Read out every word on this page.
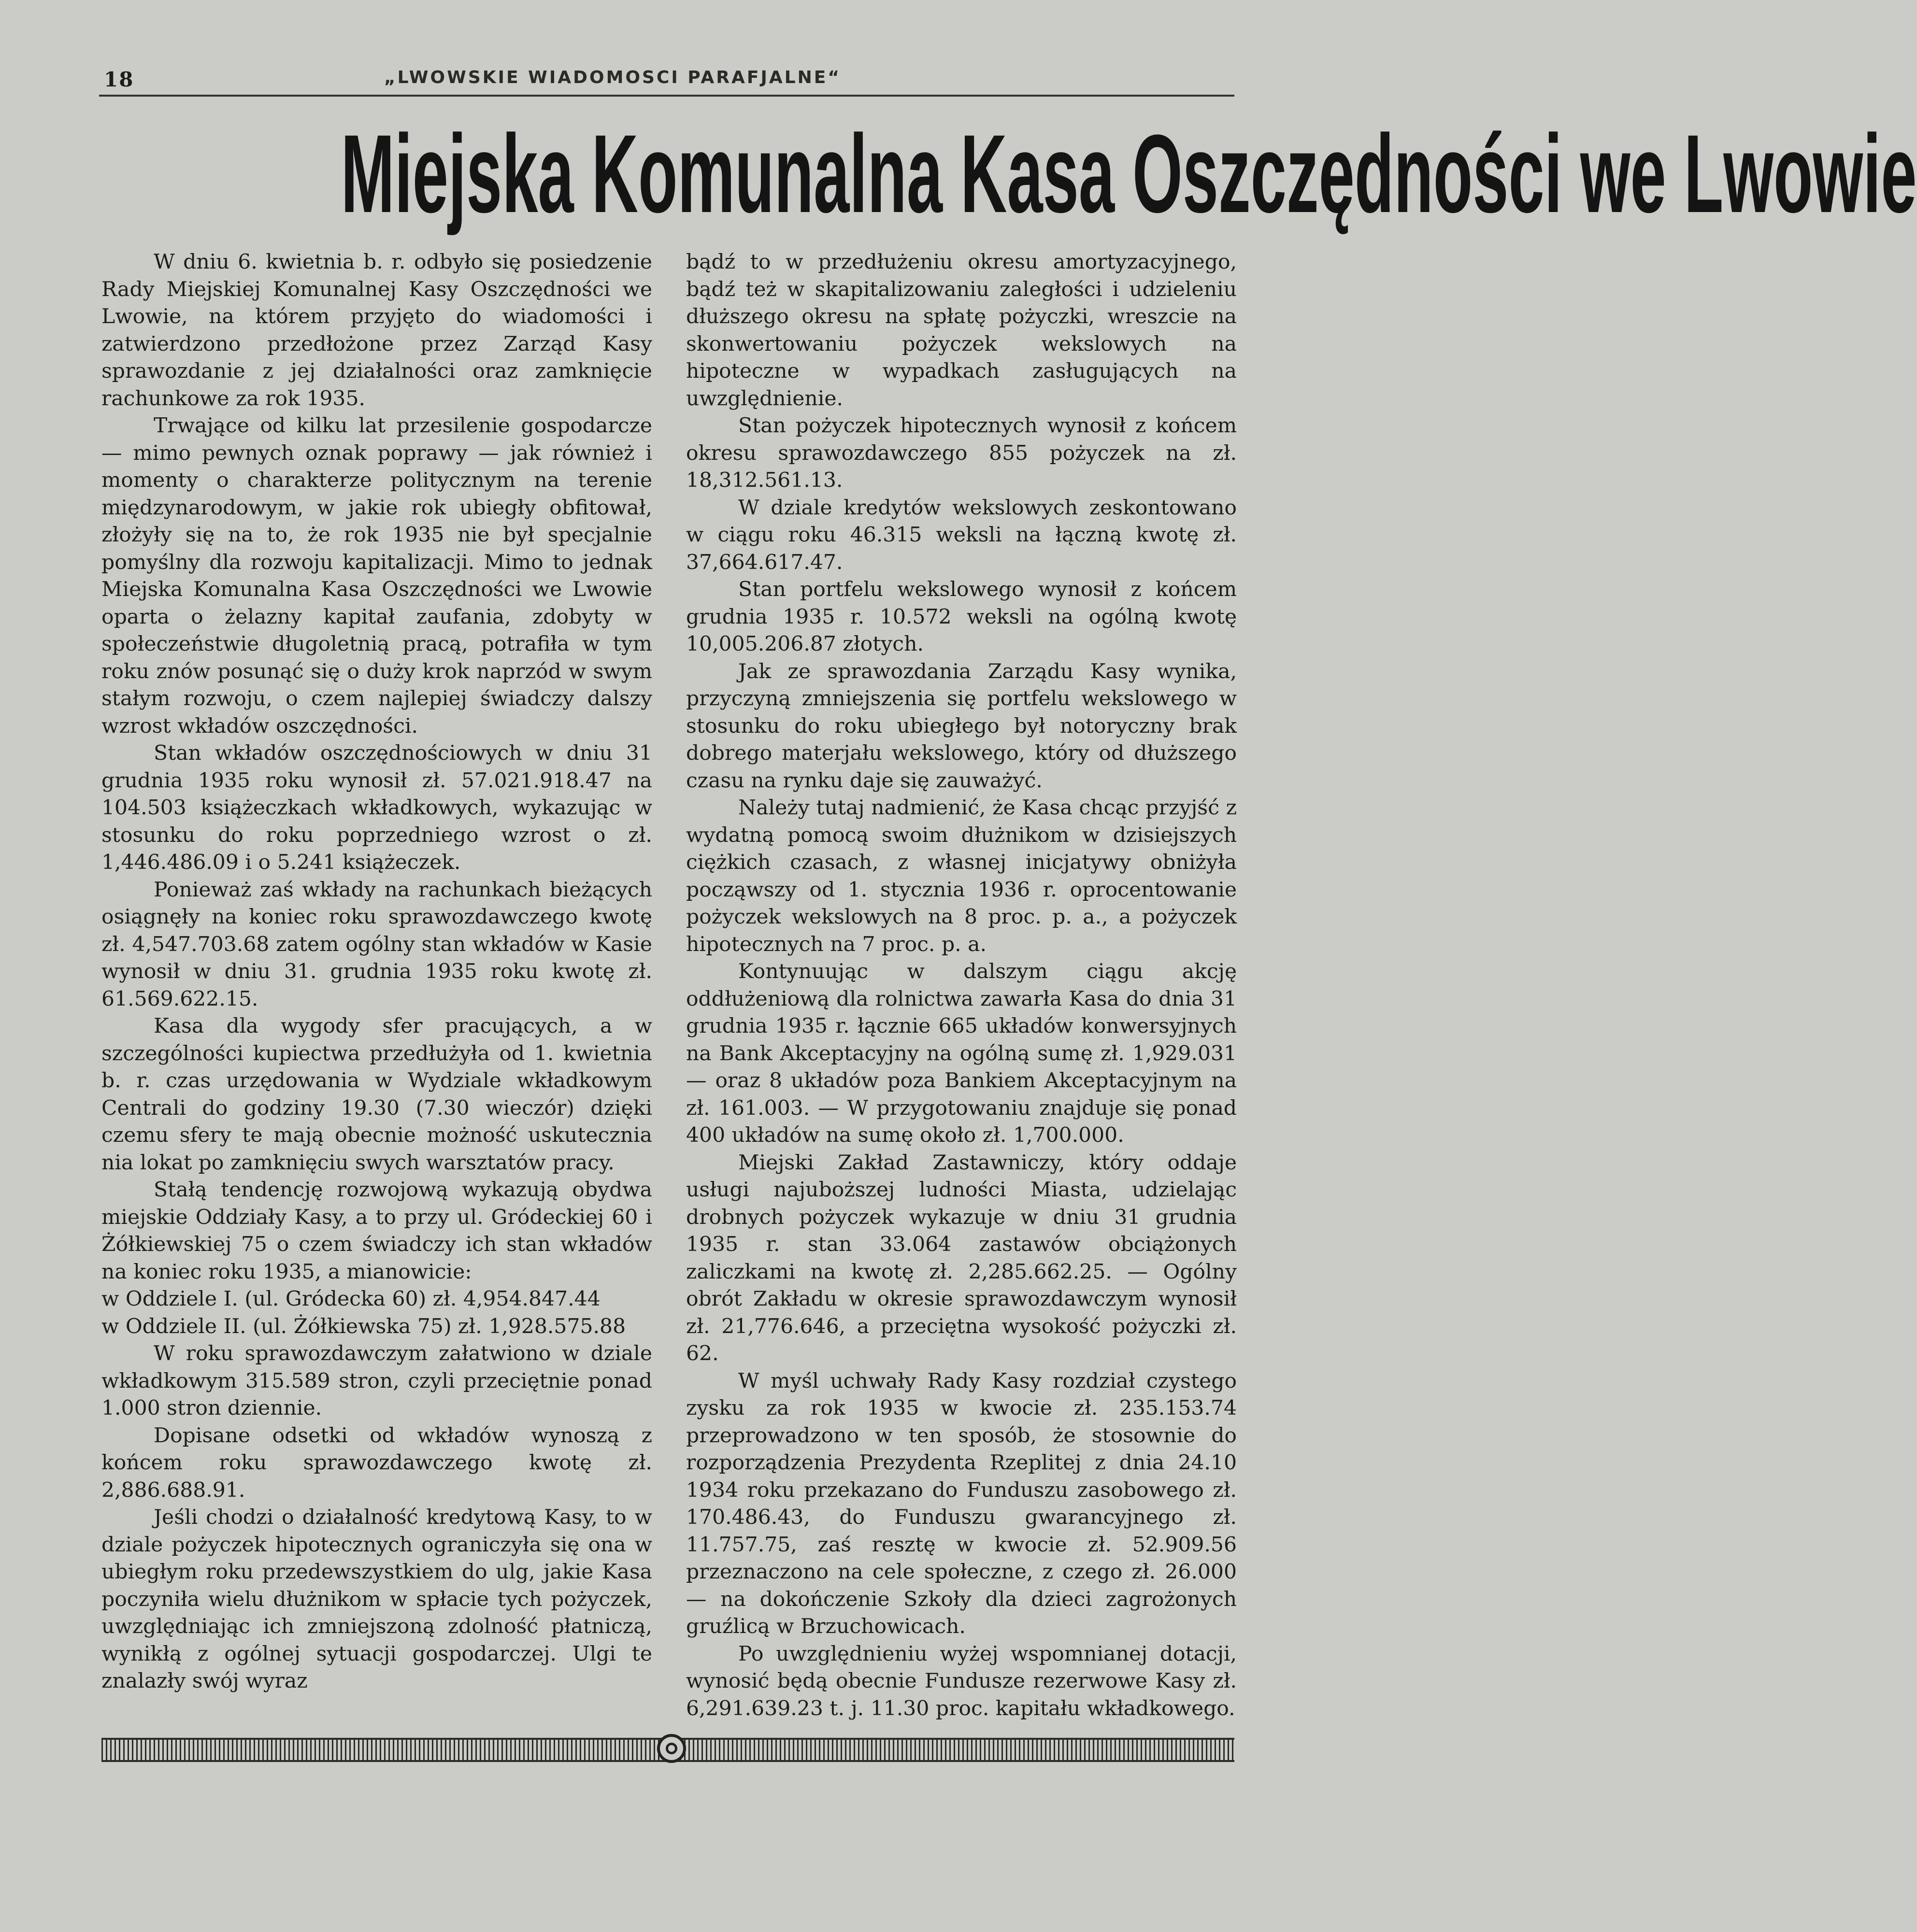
18	„LWOWSKIE WIADOMOSCI PARAFJALNE“
Miejska Komunalna Kasa Oszczędności we Lwowie

W dniu 6. kwietnia b. r. odbyło się posiedzenie Rady Miejskiej Komunalnej Kasy Oszczędności we Lwowie, na którem przyjęto do wiadomości i zatwierdzono przedłożone przez Zarząd Kasy sprawozdanie z jej działalności oraz zamknięcie rachunkowe za rok 1935.

Trwające od kilku lat przesilenie gospodarcze — mimo pewnych oznak poprawy — jak również i momenty o charakterze politycznym na terenie międzynarodowym, w jakie rok ubiegły obfitował, złożyły się na to, że rok 1935 nie był specjalnie pomyślny dla rozwoju kapitalizacji. Mimo to jednak Miejska Komunalna Kasa Oszczędności we Lwowie oparta o żelazny kapitał zaufania, zdobyty w społeczeństwie długoletnią pracą, potrafiła w tym roku znów posunąć się o duży krok naprzód w swym stałym rozwoju, o czem najlepiej świadczy dalszy wzrost wkładów oszczędności.

Stan wkładów oszczędnościowych w dniu 31 grudnia 1935 roku wynosił zł. 57.021.918.47 na 104.503 książeczkach wkładkowych, wykazując w stosunku do roku poprzedniego wzrost o zł. 1,446.486.09 i o 5.241 książeczek.

Ponieważ zaś wkłady na rachunkach bieżących osiągnęły na koniec roku sprawozdawczego kwotę zł. 4,547.703.68 zatem ogólny stan wkładów w Kasie wynosił w dniu 31. grudnia 1935 roku kwotę zł. 61.569.622.15.

Kasa dla wygody sfer pracujących, a w szczególności kupiectwa przedłużyła od 1. kwietnia b. r. czas urzędowania w Wydziale wkładkowym Centrali do godziny 19.30 (7.30 wieczór) dzięki czemu sfery te mają obecnie możność uskutecznia nia lokat po zamknięciu swych warsztatów pracy.

Stałą tendencję rozwojową wykazują obydwa miejskie Oddziały Kasy, a to przy ul. Gródeckiej 60 i Żółkiewskiej 75 o czem świadczy ich stan wkładów na koniec roku 1935, a mianowicie:

w Oddziele I. (ul. Gródecka 60) zł. 4,954.847.44

w Oddziele II. (ul. Żółkiewska 75) zł. 1,928.575.88

W roku sprawozdawczym załatwiono w dziale wkładkowym 315.589 stron, czyli przeciętnie ponad 1.000 stron dziennie.

Dopisane odsetki od wkładów wynoszą z końcem roku sprawozdawczego kwotę zł. 2,886.688.91.

Jeśli chodzi o działalność kredytową Kasy, to w dziale pożyczek hipotecznych ograniczyła się ona w ubiegłym roku przedewszystkiem do ulg, jakie Kasa poczyniła wielu dłużnikom w spłacie tych pożyczek, uwzględniając ich zmniejszoną zdolność płatniczą, wynikłą z ogólnej sytuacji gospodarczej. Ulgi te znalazły swój wyraz

bądź to w przedłużeniu okresu amortyzacyjnego, bądź też w skapitalizowaniu zaległości i udzieleniu dłuższego okresu na spłatę pożyczki, wreszcie na skonwertowaniu pożyczek wekslowych na hipoteczne w wypadkach zasługujących na uwzględnienie.

Stan pożyczek hipotecznych wynosił z końcem okresu sprawozdawczego 855 pożyczek na zł. 18,312.561.13.

W dziale kredytów wekslowych zeskontowano w ciągu roku 46.315 weksli na łączną kwotę zł. 37,664.617.47.

Stan portfelu wekslowego wynosił z końcem grudnia 1935 r. 10.572 weksli na ogólną kwotę 10,005.206.87 złotych.

Jak ze sprawozdania Zarządu Kasy wynika, przyczyną zmniejszenia się portfelu wekslowego w stosunku do roku ubiegłego był notoryczny brak dobrego materjału wekslowego, który od dłuższego czasu na rynku daje się zauważyć.

Należy tutaj nadmienić, że Kasa chcąc przyjść z wydatną pomocą swoim dłużnikom w dzisiejszych ciężkich czasach, z własnej inicjatywy obniżyła począwszy od 1. stycznia 1936 r. oprocentowanie pożyczek wekslowych na 8 proc. p. a., a pożyczek hipotecznych na 7 proc. p. a.

Kontynuując w dalszym ciągu akcję oddłużeniową dla rolnictwa zawarła Kasa do dnia 31 grudnia 1935 r. łącznie 665 układów konwersyjnych na Bank Akceptacyjny na ogólną sumę zł. 1,929.031 — oraz 8 układów poza Bankiem Akceptacyjnym na zł. 161.003. — W przygotowaniu znajduje się ponad 400 układów na sumę około zł. 1,700.000.

Miejski Zakład Zastawniczy, który oddaje usługi najuboższej ludności Miasta, udzielając drobnych pożyczek wykazuje w dniu 31 grudnia 1935 r. stan 33.064 zastawów obciążonych zaliczkami na kwotę zł. 2,285.662.25. — Ogólny obrót Zakładu w okresie sprawozdawczym wynosił zł. 21,776.646, a przeciętna wysokość pożyczki zł. 62.

W myśl uchwały Rady Kasy rozdział czystego zysku za rok 1935 w kwocie zł. 235.153.74 przeprowadzono w ten sposób, że stosownie do rozporządzenia Prezydenta Rzeplitej z dnia 24.10 1934 roku przekazano do Funduszu zasobowego zł. 170.486.43, do Funduszu gwarancyjnego zł. 11.757.75, zaś resztę w kwocie zł. 52.909.56 przeznaczono na cele społeczne, z czego zł. 26.000 — na dokończenie Szkoły dla dzieci zagrożonych gruźlicą w Brzuchowicach.

Po uwzględnieniu wyżej wspomnianej dotacji, wynosić będą obecnie Fundusze rezerwowe Kasy zł. 6,291.639.23 t. j. 11.30 proc. kapitału wkładkowego.
